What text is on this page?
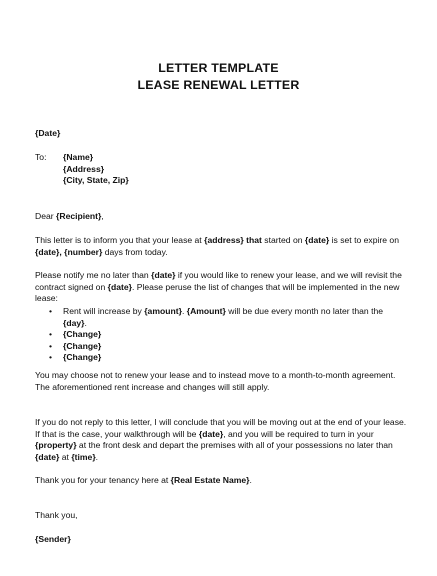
LETTER TEMPLATE
LEASE RENEWAL LETTER
{Date}
To: {Name}
{Address}
{City, State, Zip}
Dear {Recipient},
This letter is to inform you that your lease at {address} that started on {date} is set to expire on {date}, {number} days from today.
Please notify me no later than {date} if you would like to renew your lease, and we will revisit the contract signed on {date}. Please peruse the list of changes that will be implemented in the new lease:
• Rent will increase by {amount}. {Amount} will be due every month no later than the {day}.
• {Change}
• {Change}
• {Change}
You may choose not to renew your lease and to instead move to a month-to-month agreement. The aforementioned rent increase and changes will still apply.
If you do not reply to this letter, I will conclude that you will be moving out at the end of your lease. If that is the case, your walkthrough will be {date}, and you will be required to turn in your {property} at the front desk and depart the premises with all of your possessions no later than {date} at {time}.
Thank you for your tenancy here at {Real Estate Name}.
Thank you,
{Sender}
